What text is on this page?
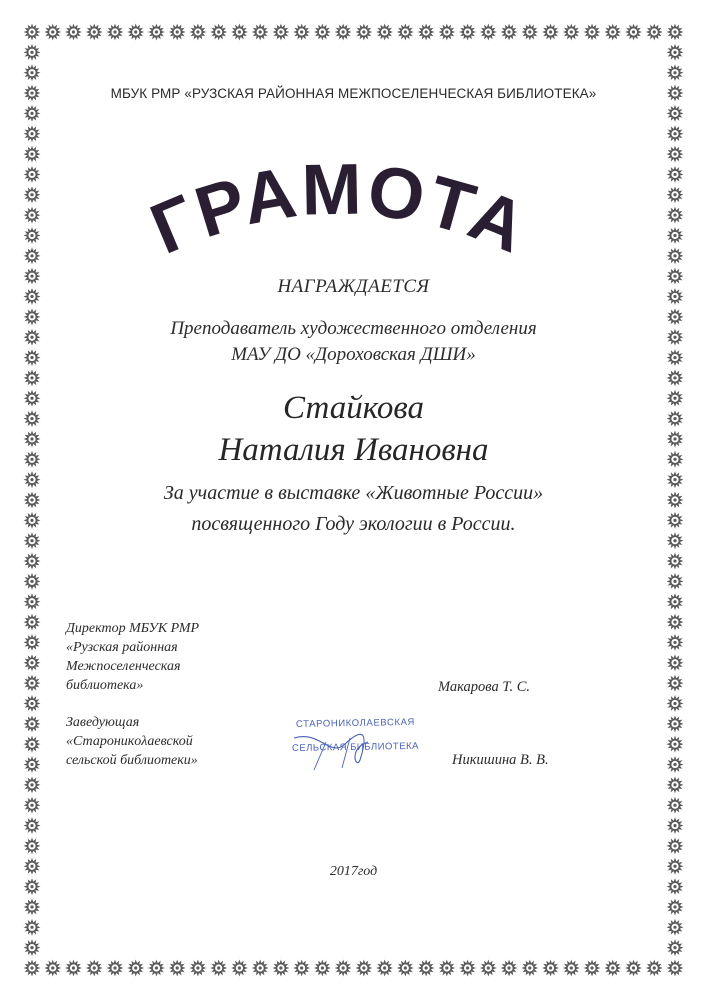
МБУК РМР «РУЗСКАЯ РАЙОННАЯ МЕЖПОСЕЛЕНЧЕСКАЯ БИБЛИОТЕКА»
ГРАМОТА
НАГРАЖДАЕТСЯ
Преподаватель художественного отделения
МАУ ДО «Дороховская ДШИ»
Стайкова
Наталия Ивановна
За участие в выставке «Животные России»
посвященного Году экологии в России.
Директор МБУК РМР
«Рузская районная
Межпоселенческая
библиотека»	Макарова Т. С.
Заведующая
«Староникολаевской
сельской библиотеки»	Никишина В. В.
СТАРОНИКОЛАЕВСКАЯ
СЕЛЬСКАЯ БИБЛИОТЕКА
2017год
